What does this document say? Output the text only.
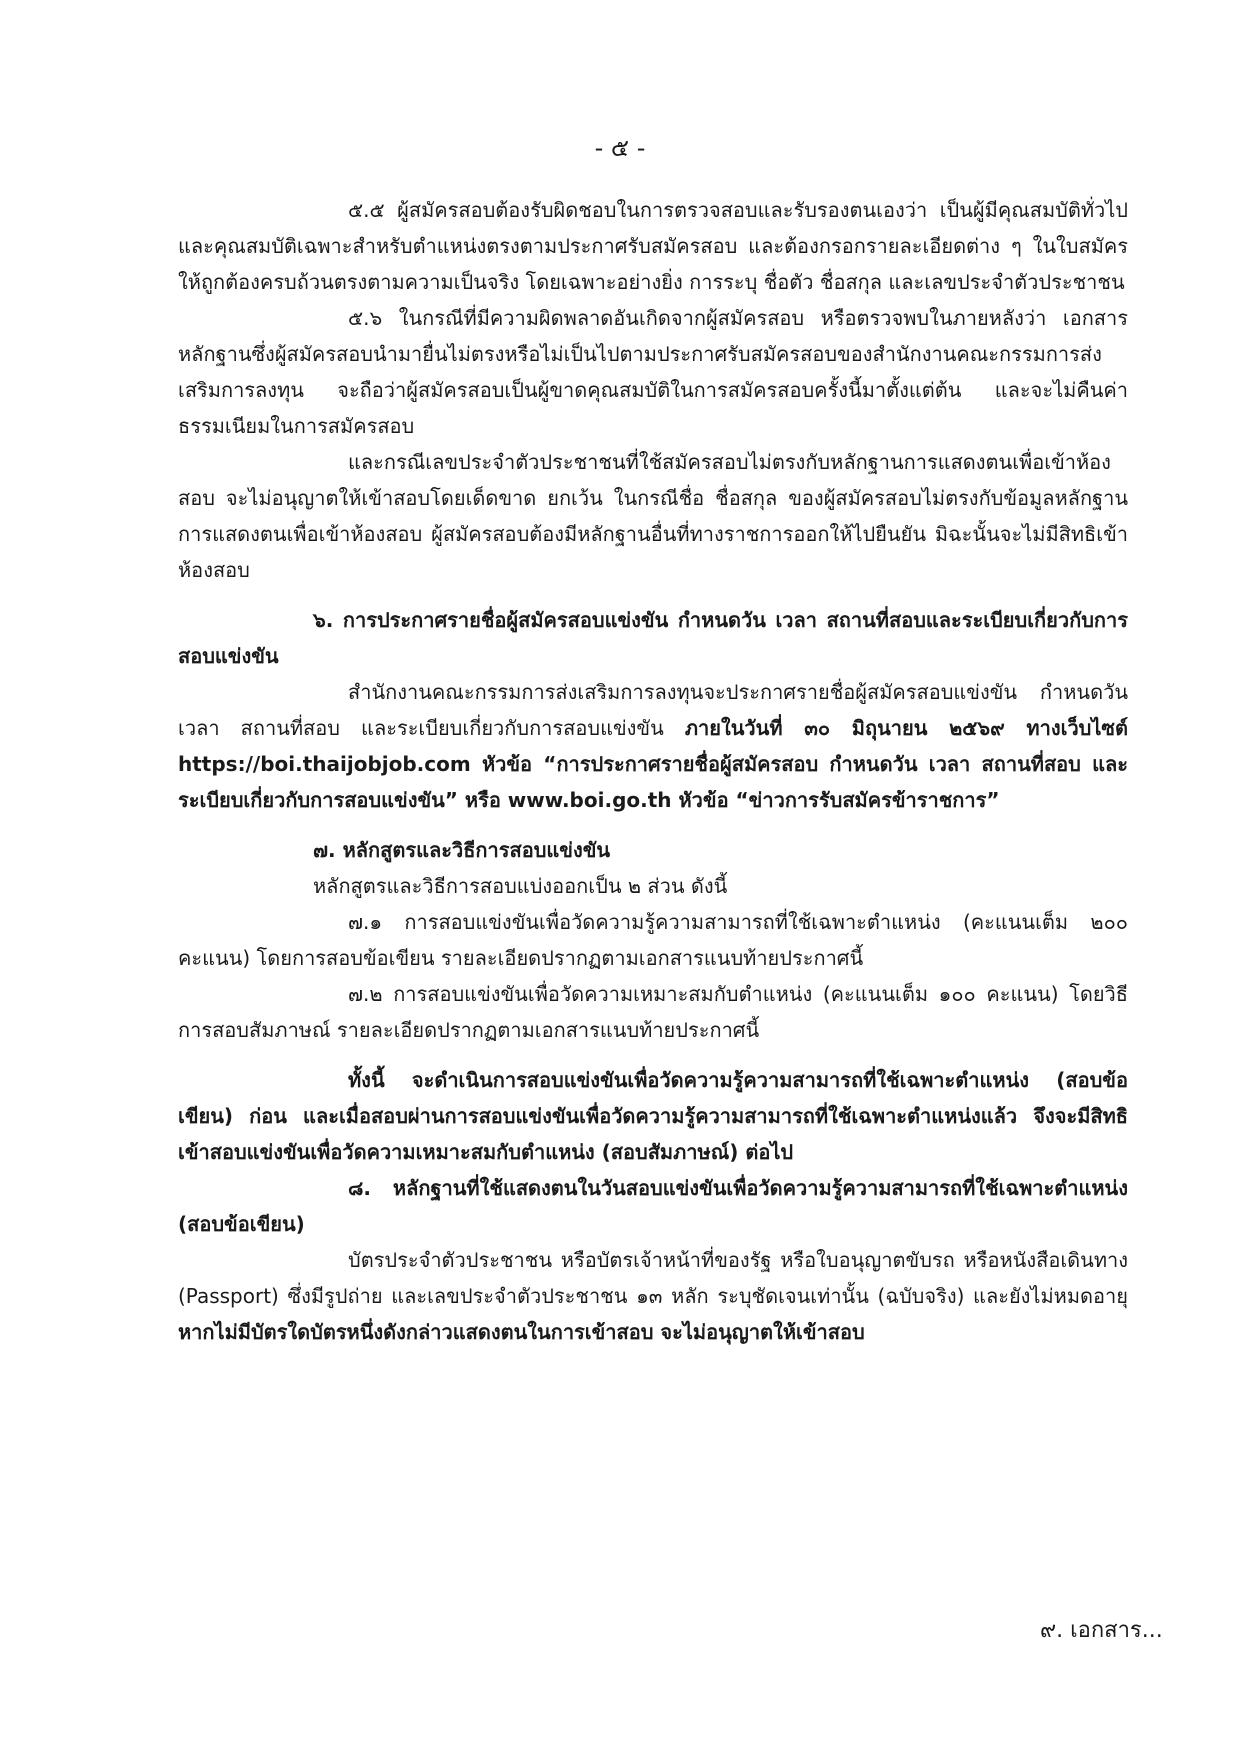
- ๕ -

๕.๕ ผู้สมัครสอบต้องรับผิดชอบในการตรวจสอบและรับรองตนเองว่า เป็นผู้มีคุณสมบัติทั่วไปและคุณสมบัติเฉพาะสำหรับตำแหน่งตรงตามประกาศรับสมัครสอบ และต้องกรอกรายละเอียดต่าง ๆ ในใบสมัครให้ถูกต้องครบถ้วนตรงตามความเป็นจริง โดยเฉพาะอย่างยิ่ง การระบุ ชื่อตัว ชื่อสกุล และเลขประจำตัวประชาชน

๕.๖ ในกรณีที่มีความผิดพลาดอันเกิดจากผู้สมัครสอบ หรือตรวจพบในภายหลังว่า เอกสารหลักฐานซึ่งผู้สมัครสอบนำมายื่นไม่ตรงหรือไม่เป็นไปตามประกาศรับสมัครสอบของสำนักงานคณะกรรมการส่งเสริมการลงทุน จะถือว่าผู้สมัครสอบเป็นผู้ขาดคุณสมบัติในการสมัครสอบครั้งนี้มาตั้งแต่ต้น และจะไม่คืนค่าธรรมเนียมในการสมัครสอบ

และกรณีเลขประจำตัวประชาชนที่ใช้สมัครสอบไม่ตรงกับหลักฐานการแสดงตนเพื่อเข้าห้องสอบ จะไม่อนุญาตให้เข้าสอบโดยเด็ดขาด ยกเว้น ในกรณีชื่อ ชื่อสกุล ของผู้สมัครสอบไม่ตรงกับข้อมูลหลักฐานการแสดงตนเพื่อเข้าห้องสอบ ผู้สมัครสอบต้องมีหลักฐานอื่นที่ทางราชการออกให้ไปยืนยัน มิฉะนั้นจะไม่มีสิทธิเข้าห้องสอบ

๖. การประกาศรายชื่อผู้สมัครสอบแข่งขัน กำหนดวัน เวลา สถานที่สอบและระเบียบเกี่ยวกับการสอบแข่งขัน

สำนักงานคณะกรรมการส่งเสริมการลงทุนจะประกาศรายชื่อผู้สมัครสอบแข่งขัน กำหนดวัน เวลา สถานที่สอบ และระเบียบเกี่ยวกับการสอบแข่งขัน ภายในวันที่ ๓๐ มิถุนายน ๒๕๖๙ ทางเว็บไซต์ https://boi.thaijobjob.com หัวข้อ “การประกาศรายชื่อผู้สมัครสอบ กำหนดวัน เวลา สถานที่สอบ และระเบียบเกี่ยวกับการสอบแข่งขัน” หรือ www.boi.go.th หัวข้อ “ข่าวการรับสมัครข้าราชการ”

๗. หลักสูตรและวิธีการสอบแข่งขัน

หลักสูตรและวิธีการสอบแบ่งออกเป็น ๒ ส่วน ดังนี้

๗.๑ การสอบแข่งขันเพื่อวัดความรู้ความสามารถที่ใช้เฉพาะตำแหน่ง (คะแนนเต็ม ๒๐๐ คะแนน) โดยการสอบข้อเขียน รายละเอียดปรากฏตามเอกสารแนบท้ายประกาศนี้

๗.๒ การสอบแข่งขันเพื่อวัดความเหมาะสมกับตำแหน่ง (คะแนนเต็ม ๑๐๐ คะแนน) โดยวิธีการสอบสัมภาษณ์ รายละเอียดปรากฏตามเอกสารแนบท้ายประกาศนี้

ทั้งนี้ จะดำเนินการสอบแข่งขันเพื่อวัดความรู้ความสามารถที่ใช้เฉพาะตำแหน่ง (สอบข้อเขียน) ก่อน และเมื่อสอบผ่านการสอบแข่งขันเพื่อวัดความรู้ความสามารถที่ใช้เฉพาะตำแหน่งแล้ว จึงจะมีสิทธิเข้าสอบแข่งขันเพื่อวัดความเหมาะสมกับตำแหน่ง (สอบสัมภาษณ์) ต่อไป

๘. หลักฐานที่ใช้แสดงตนในวันสอบแข่งขันเพื่อวัดความรู้ความสามารถที่ใช้เฉพาะตำแหน่ง (สอบข้อเขียน)

บัตรประจำตัวประชาชน หรือบัตรเจ้าหน้าที่ของรัฐ หรือใบอนุญาตขับรถ หรือหนังสือเดินทาง (Passport) ซึ่งมีรูปถ่าย และเลขประจำตัวประชาชน ๑๓ หลัก ระบุชัดเจนเท่านั้น (ฉบับจริง) และยังไม่หมดอายุ หากไม่มีบัตรใดบัตรหนึ่งดังกล่าวแสดงตนในการเข้าสอบ จะไม่อนุญาตให้เข้าสอบ

๙. เอกสาร...
